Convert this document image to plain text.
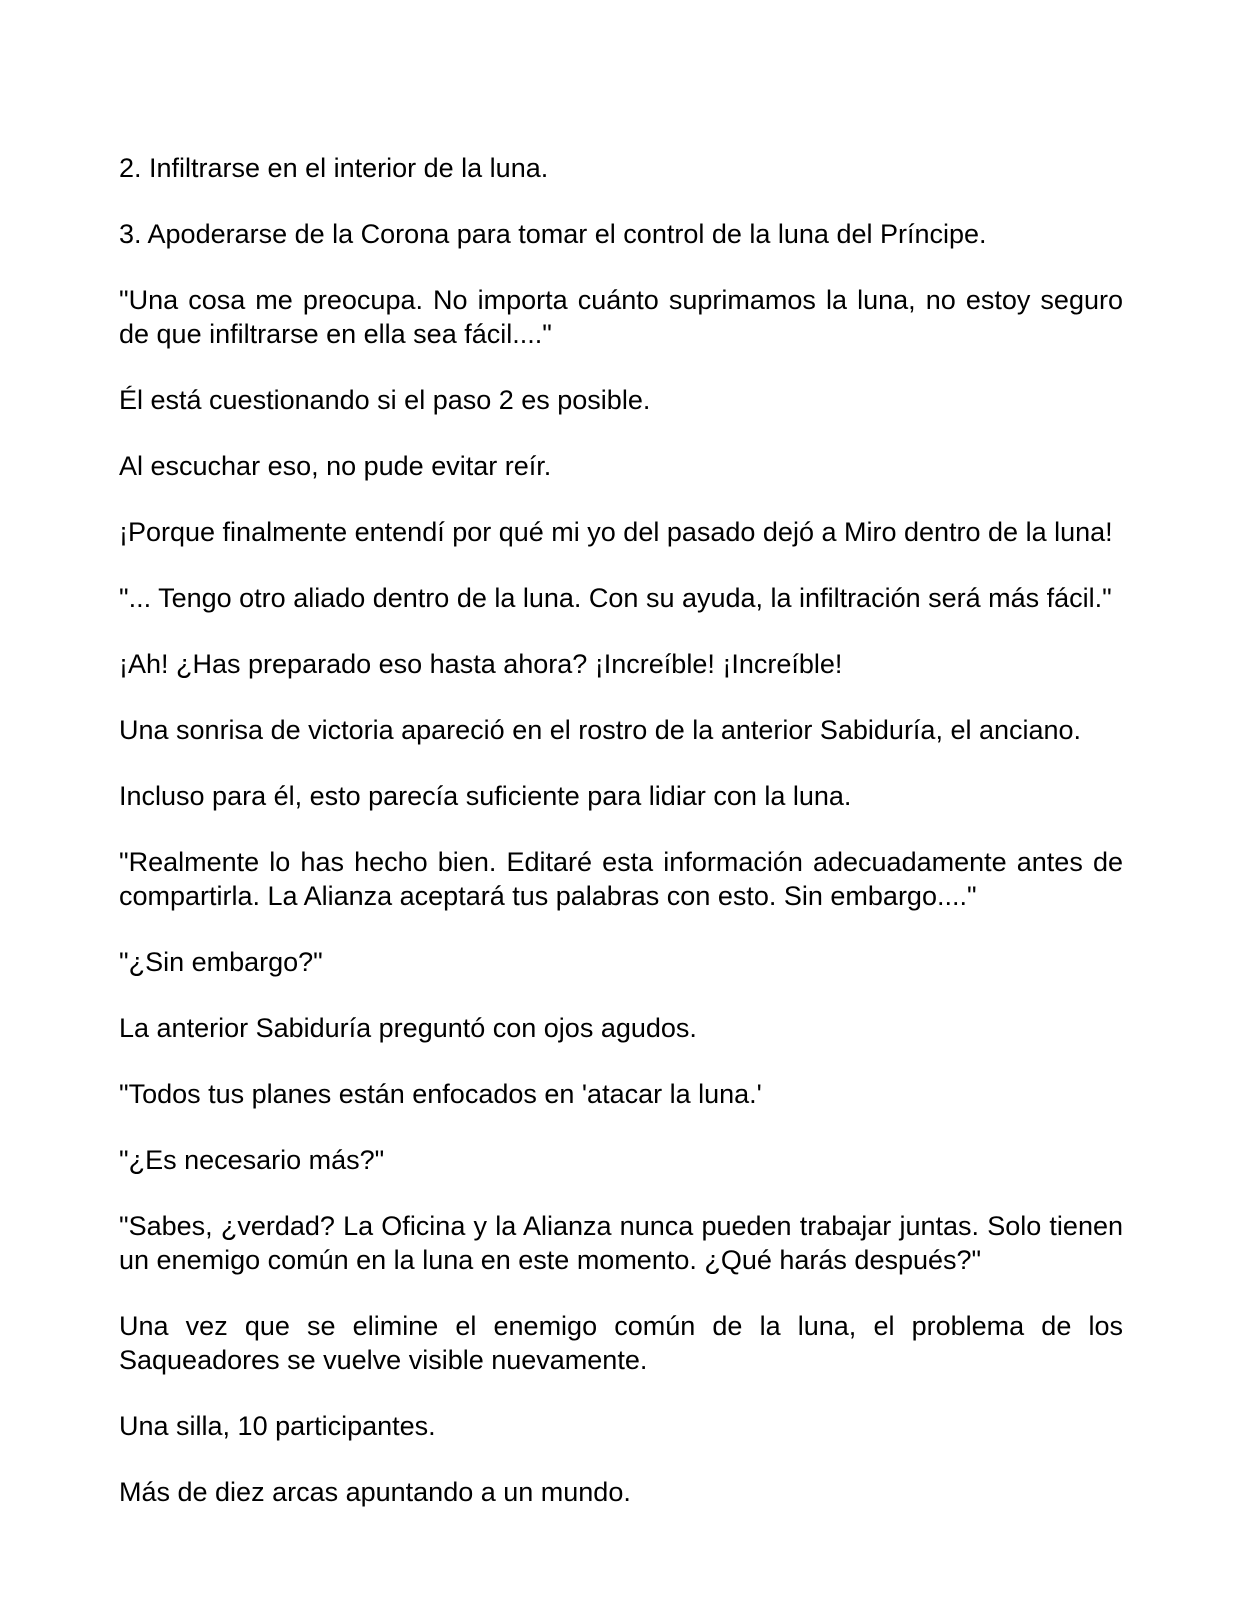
2. Infiltrarse en el interior de la luna.

3. Apoderarse de la Corona para tomar el control de la luna del Príncipe.

"Una cosa me preocupa. No importa cuánto suprimamos la luna, no estoy seguro de que infiltrarse en ella sea fácil...."

Él está cuestionando si el paso 2 es posible.

Al escuchar eso, no pude evitar reír.

¡Porque finalmente entendí por qué mi yo del pasado dejó a Miro dentro de la luna!

"... Tengo otro aliado dentro de la luna. Con su ayuda, la infiltración será más fácil."

¡Ah! ¿Has preparado eso hasta ahora? ¡Increíble! ¡Increíble!

Una sonrisa de victoria apareció en el rostro de la anterior Sabiduría, el anciano.

Incluso para él, esto parecía suficiente para lidiar con la luna.

"Realmente lo has hecho bien. Editaré esta información adecuadamente antes de compartirla. La Alianza aceptará tus palabras con esto. Sin embargo...."

"¿Sin embargo?"

La anterior Sabiduría preguntó con ojos agudos.

"Todos tus planes están enfocados en 'atacar la luna.'

"¿Es necesario más?"

"Sabes, ¿verdad? La Oficina y la Alianza nunca pueden trabajar juntas. Solo tienen un enemigo común en la luna en este momento. ¿Qué harás después?"

Una vez que se elimine el enemigo común de la luna, el problema de los Saqueadores se vuelve visible nuevamente.

Una silla, 10 participantes.

Más de diez arcas apuntando a un mundo.
